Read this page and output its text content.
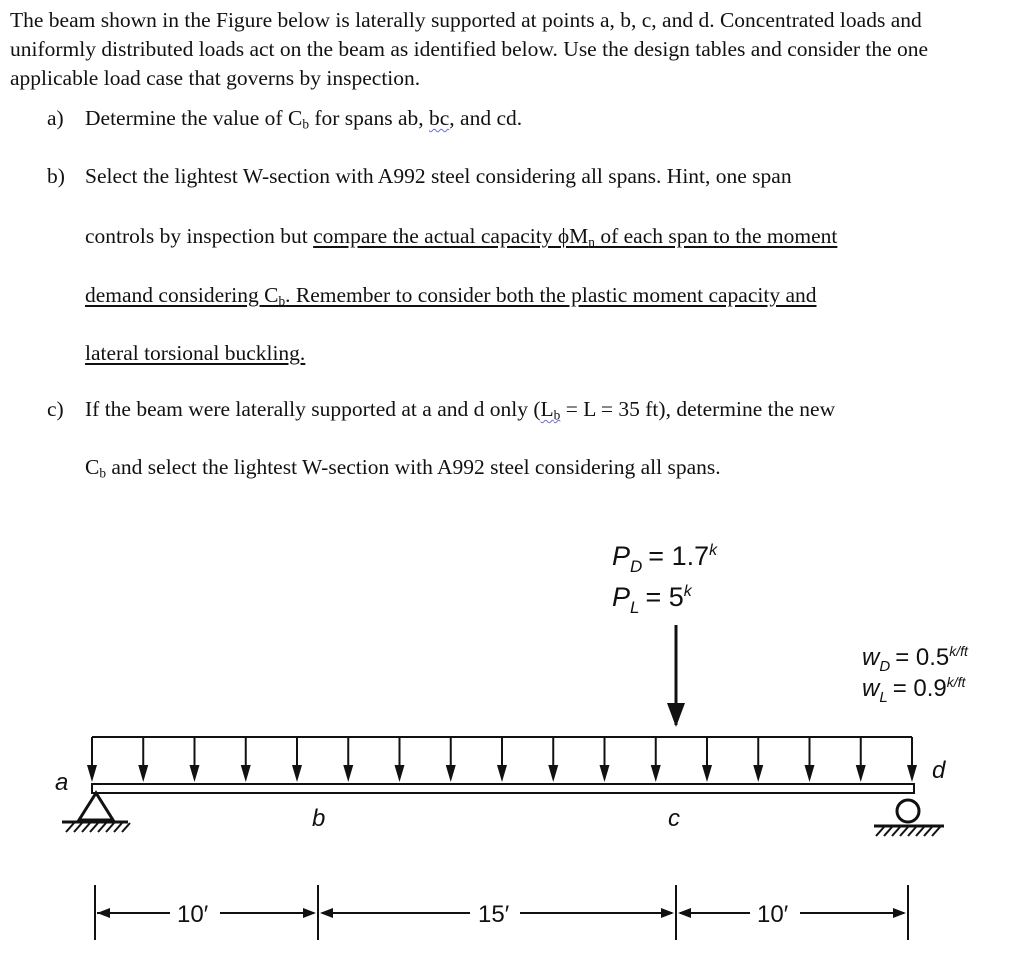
The beam shown in the Figure below is laterally supported at points a, b, c, and d. Concentrated loads and uniformly distributed loads act on the beam as identified below. Use the design tables and consider the one applicable load case that governs by inspection.
a) Determine the value of $C_b$ for spans ab, bc, and cd.
b) Select the lightest W-section with A992 steel considering all spans. Hint, one span
controls by inspection but compare the actual capacity $\phi M_n$ of each span to the moment
demand considering $C_b$. Remember to consider both the plastic moment capacity and
lateral torsional buckling.
c) If the beam were laterally supported at a and d only ($L_b = L = 35$ ft), determine the new
$C_b$ and select the lightest W-section with A992 steel considering all spans.
$P_D = 1.7^k$
$P_L = 5^k$
$w_D = 0.5^{k/ft}$
$w_L = 0.9^{k/ft}$
a
b	c
d
10′	15′	10′
